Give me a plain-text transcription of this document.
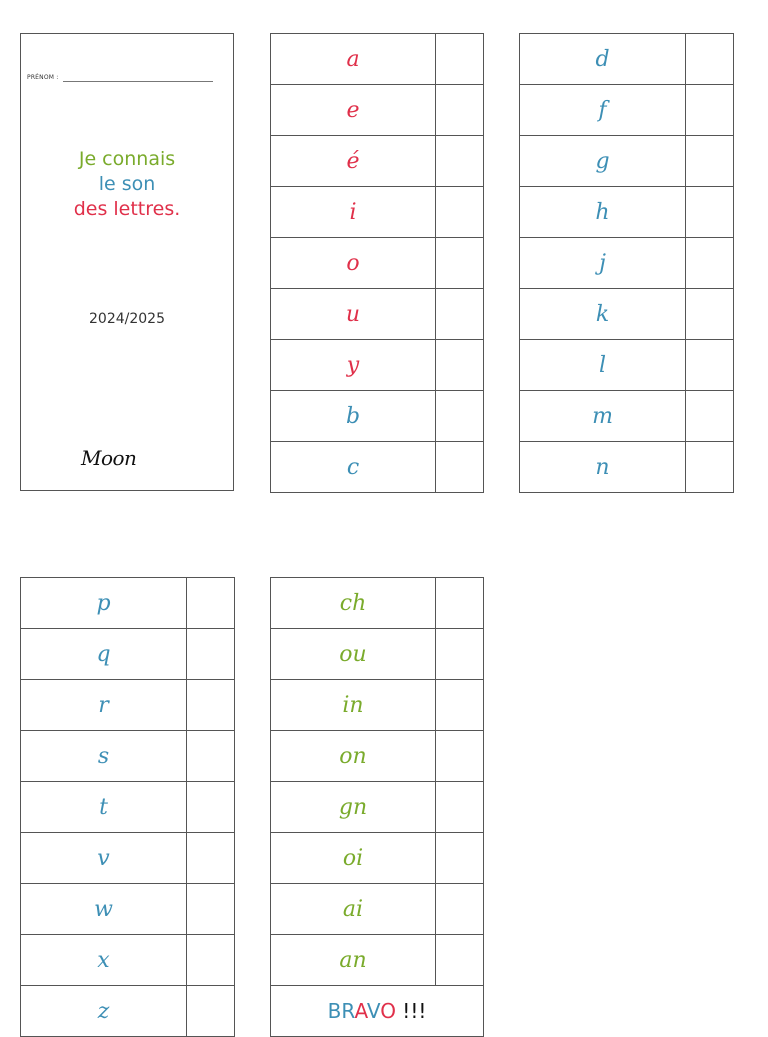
PRÉNOM :
Je connais
le son
des lettres.
2024/2025
Moon
a	
e	
é	
i	
o	
u	
y	
b	
c	
d	
f	
g	
h	
j	
k	
l	
m	
n	
p	
q	
r	
s	
t	
v	
w	
x	
z	
ch	
ou	
in	
on	
gn	
oi	
ai	
an	
BRAVO !!!	
